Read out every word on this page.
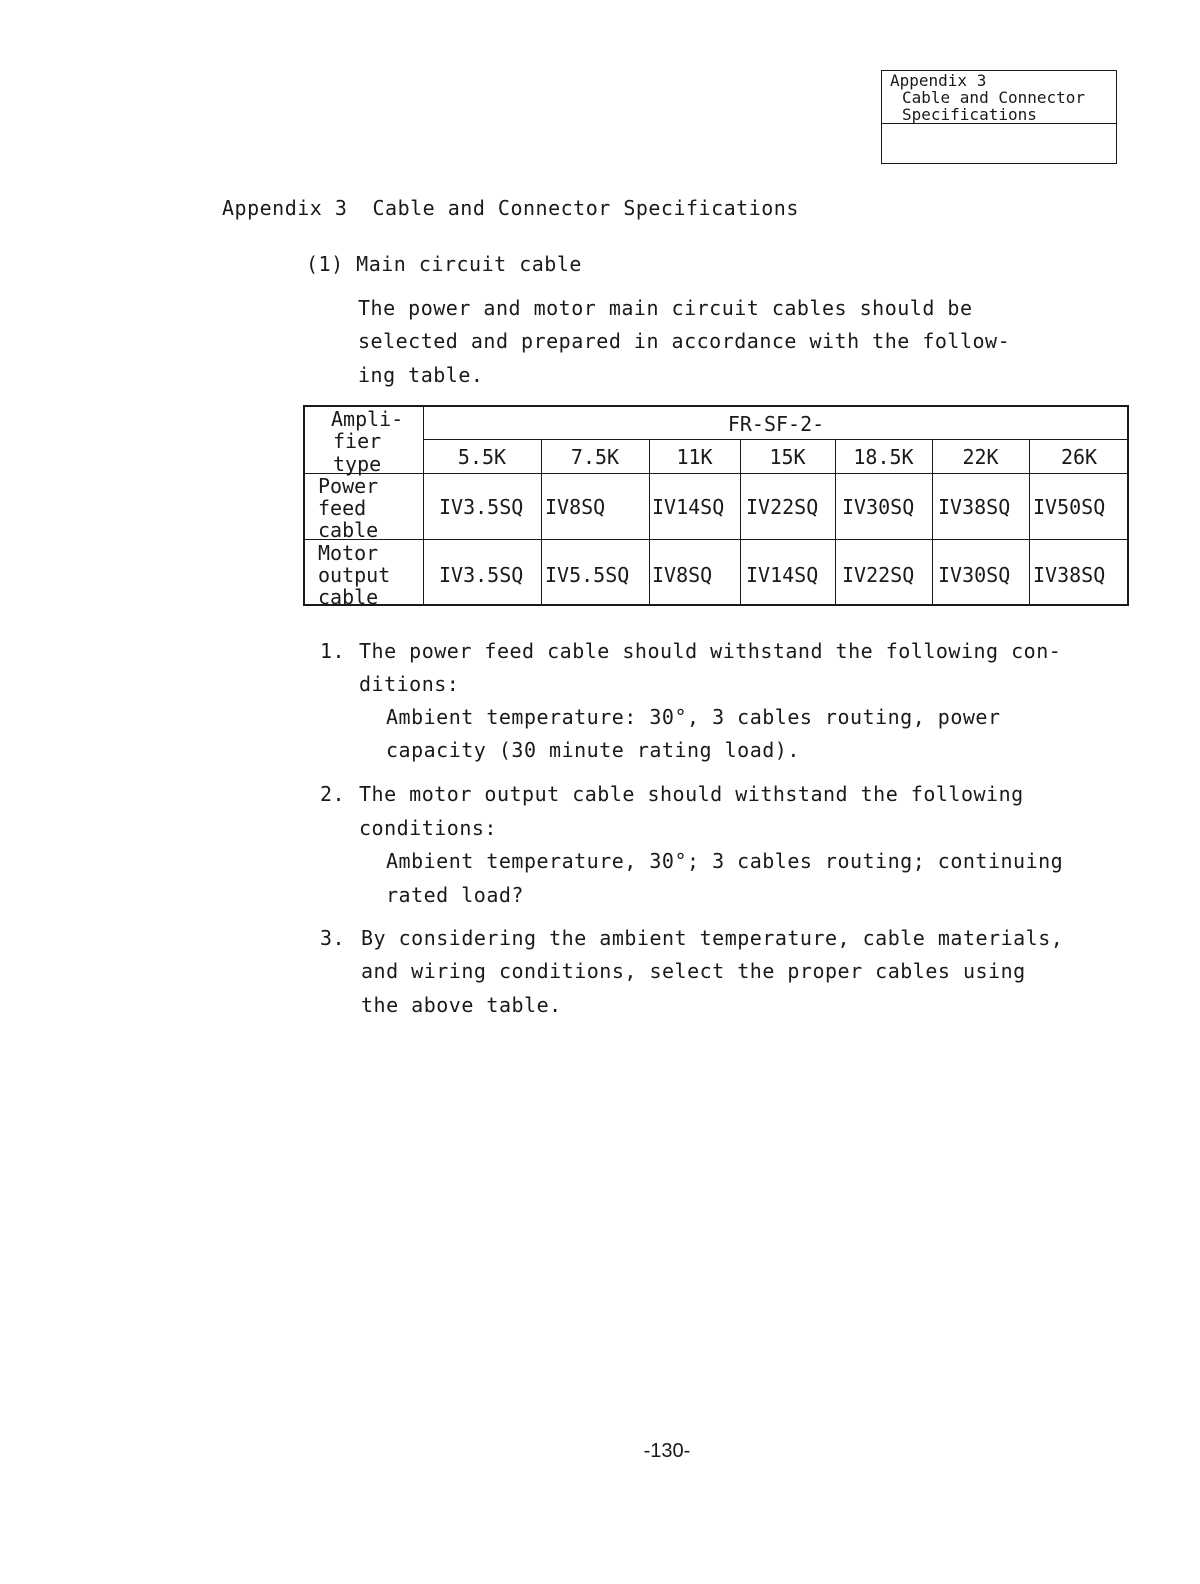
Appendix 3
Cable and Connector
Specifications
Appendix 3  Cable and Connector Specifications
(1) Main circuit cable
The power and motor main circuit cables should be
selected and prepared in accordance with the follow-
ing table.
Ampli-
fier
type
FR-SF-2-
5.5K	7.5K	11K	15K	18.5K	22K	26K
Power
feed
cable
IV3.5SQ IV8SQ IV14SQ IV22SQ IV30SQ IV38SQ IV50SQ
Motor
output
cable
IV3.5SQ IV5.5SQ IV8SQ IV14SQ IV22SQ IV30SQ IV38SQ
1. The power feed cable should withstand the following con-
ditions:
Ambient temperature: 30°, 3 cables routing, power
capacity (30 minute rating load).
2. The motor output cable should withstand the following
conditions:
Ambient temperature, 30°; 3 cables routing; continuing
rated load?
3. By considering the ambient temperature, cable materials,
and wiring conditions, select the proper cables using
the above table.
-130-
